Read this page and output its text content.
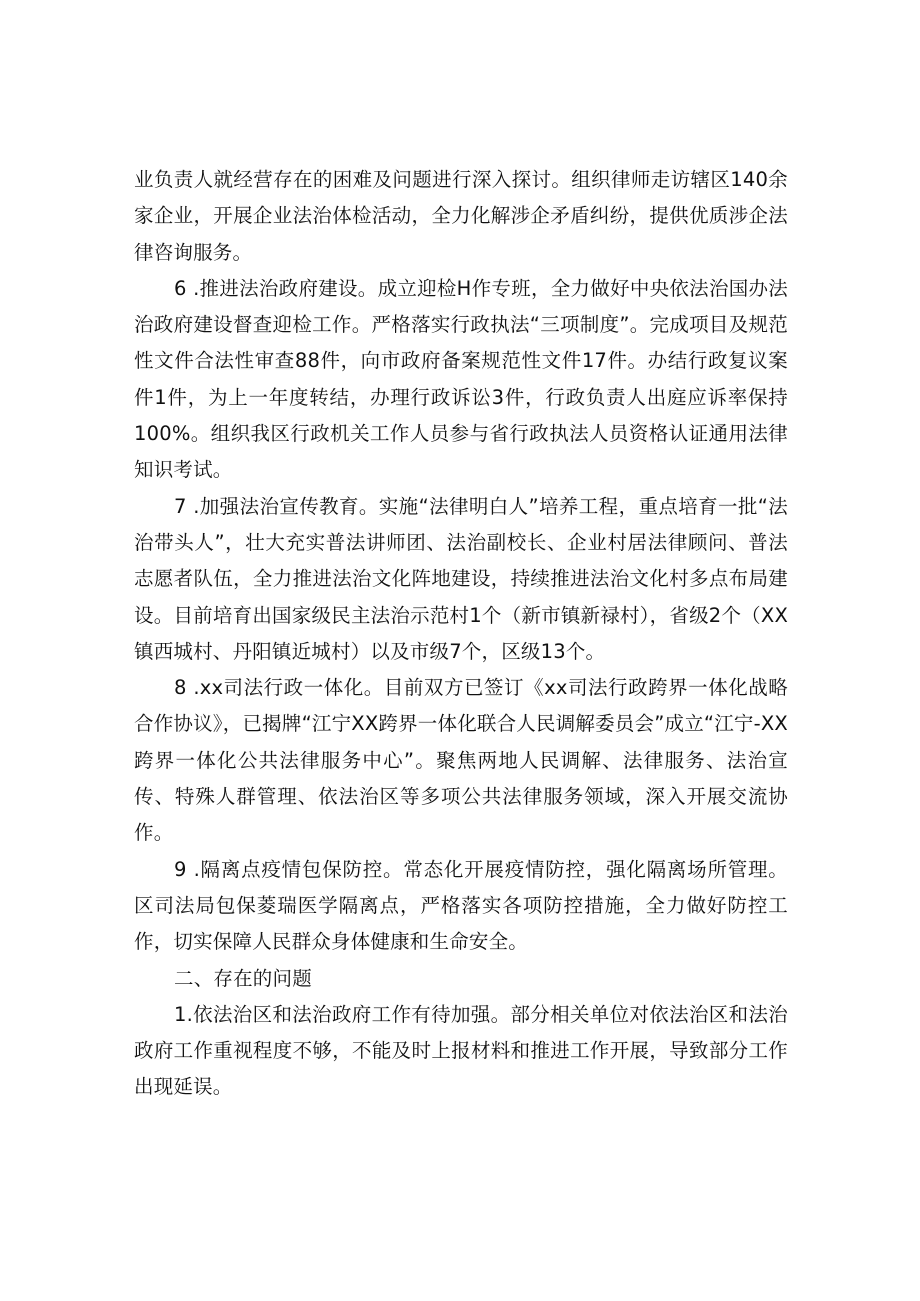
业负责人就经营存在的困难及问题进行深入探讨。组织律师走访辖区140余家企业，开展企业法治体检活动，全力化解涉企矛盾纠纷，提供优质涉企法律咨询服务。

6 .推进法治政府建设。成立迎检H作专班，全力做好中央依法治国办法治政府建设督查迎检工作。严格落实行政执法“三项制度”。完成项目及规范性文件合法性审查88件，向市政府备案规范性文件17件。办结行政复议案件1件，为上一年度转结，办理行政诉讼3件，行政负责人出庭应诉率保持100%。组织我区行政机关工作人员参与省行政执法人员资格认证通用法律知识考试。

7 .加强法治宣传教育。实施“法律明白人”培养工程，重点培育一批“法治带头人”，壮大充实普法讲师团、法治副校长、企业村居法律顾问、普法志愿者队伍，全力推进法治文化阵地建设，持续推进法治文化村多点布局建设。目前培育出国家级民主法治示范村1个（新市镇新禄村），省级2个（XX镇西城村、丹阳镇近城村）以及市级7个，区级13个。

8 .xx司法行政一体化。目前双方已签订《xx司法行政跨界一体化战略合作协议》，已揭牌“江宁XX跨界一体化联合人民调解委员会”成立“江宁-XX跨界一体化公共法律服务中心”。聚焦两地人民调解、法律服务、法治宣传、特殊人群管理、依法治区等多项公共法律服务领域，深入开展交流协作。

9 .隔离点疫情包保防控。常态化开展疫情防控，强化隔离场所管理。区司法局包保菱瑞医学隔离点，严格落实各项防控措施，全力做好防控工作，切实保障人民群众身体健康和生命安全。

二、存在的问题

1.依法治区和法治政府工作有待加强。部分相关单位对依法治区和法治政府工作重视程度不够，不能及时上报材料和推进工作开展，导致部分工作出现延误。
